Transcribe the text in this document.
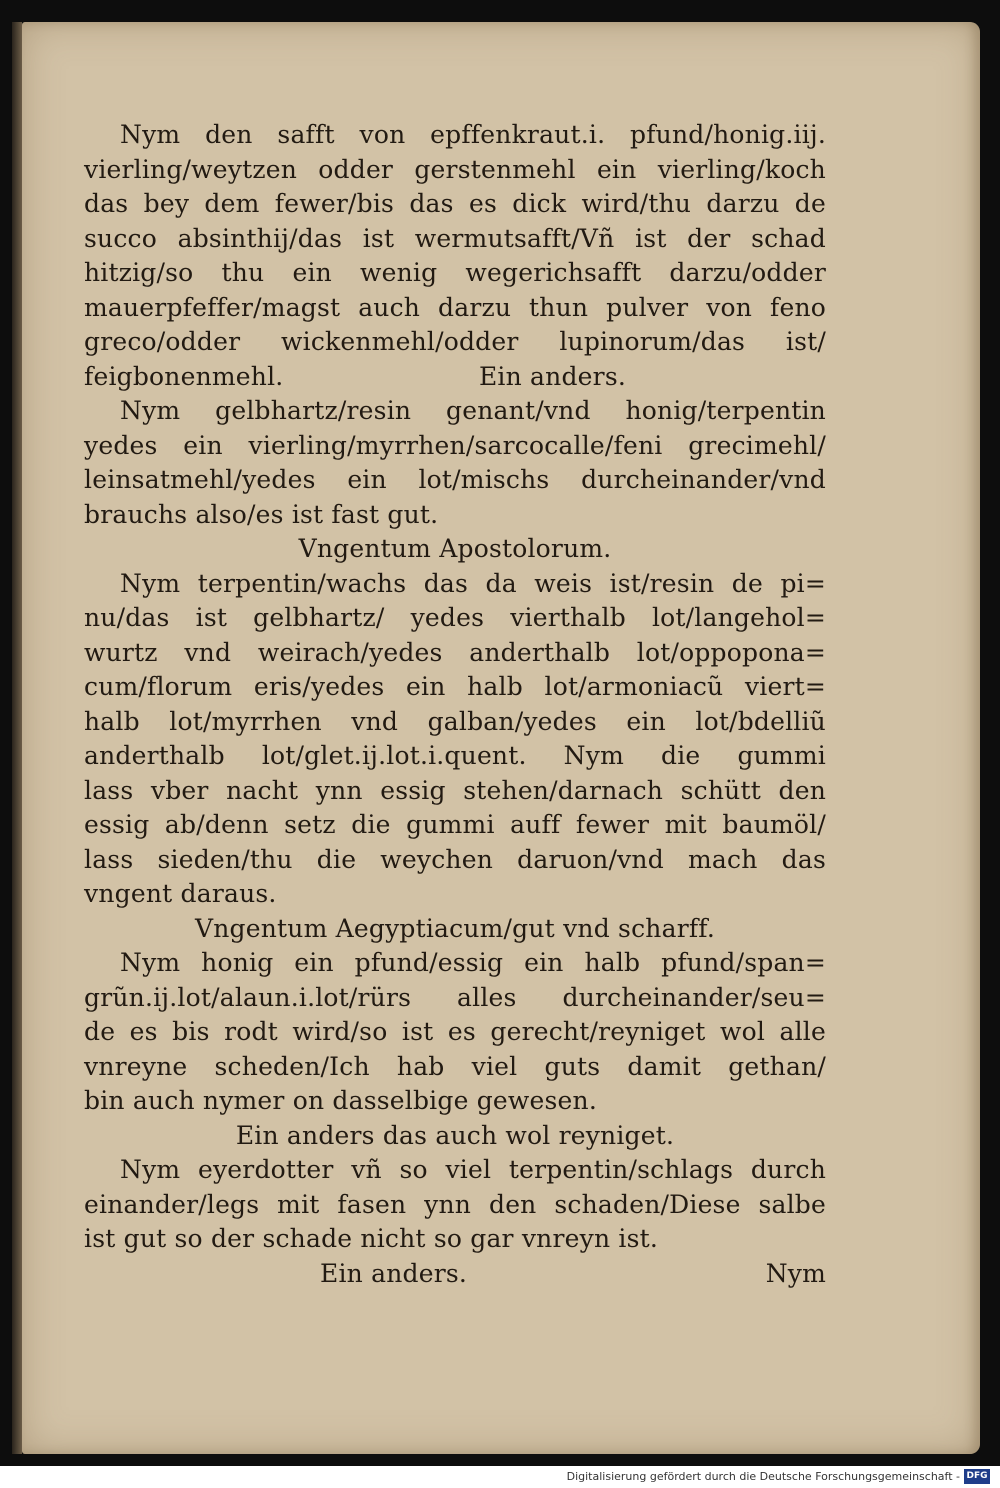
Nym den safft von epffenkraut.i. pfund/honig.iij.
vierling/weytzen odder gerstenmehl ein vierling/koch
das bey dem fewer/bis das es dick wird/thu darzu de
succo absinthij/das ist wermutsafft/Vñ ist der schad
hitzig/so thu ein wenig wegerichsafft darzu/odder
mauerpfeffer/magst auch darzu thun pulver von feno
greco/odder wickenmehl/odder lupinorum/das ist/
feigbonenmehl.	Ein anders.
Nym gelbhartz/resin genant/vnd honig/terpentin
yedes ein vierling/myrrhen/sarcocalle/feni grecimehl/
leinsatmehl/yedes ein lot/mischs durcheinander/vnd
brauchs also/es ist fast gut.
Vngentum Apostolorum.
Nym terpentin/wachs das da weis ist/resin de pi=
nu/das ist gelbhartz/ yedes vierthalb lot/langehol=
wurtz vnd weirach/yedes anderthalb lot/oppopona=
cum/florum eris/yedes ein halb lot/armoniacũ viert=
halb lot/myrrhen vnd galban/yedes ein lot/bdelliũ
anderthalb lot/glet.ij.lot.i.quent. Nym die gummi
lass vber nacht ynn essig stehen/darnach schütt den
essig ab/denn setz die gummi auff fewer mit baumöl/
lass sieden/thu die weychen daruon/vnd mach das
vngent daraus.
Vngentum Aegyptiacum/gut vnd scharff.
Nym honig ein pfund/essig ein halb pfund/span=
grũn.ij.lot/alaun.i.lot/rürs alles durcheinander/seu=
de es bis rodt wird/so ist es gerecht/reyniget wol alle
vnreyne scheden/Ich hab viel guts damit gethan/
bin auch nymer on dasselbige gewesen.
Ein anders das auch wol reyniget.
Nym eyerdotter vñ so viel terpentin/schlags durch
einander/legs mit fasen ynn den schaden/Diese salbe
ist gut so der schade nicht so gar vnreyn ist.
Ein anders.	Nym
Digitalisierung gefördert durch die Deutsche Forschungsgemeinschaft - DFG
